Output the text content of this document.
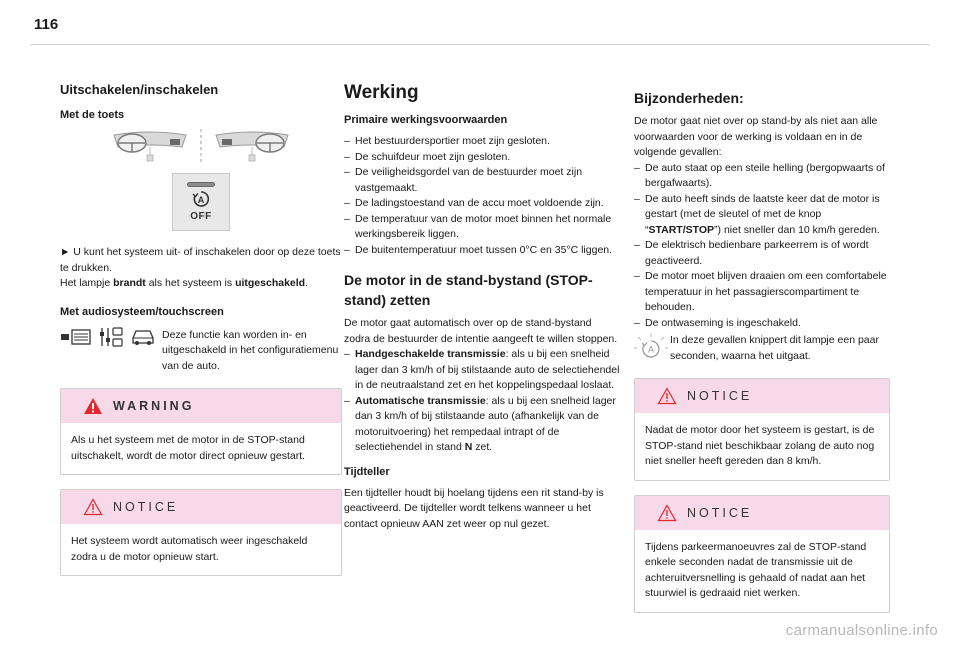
116
Uitschakelen/inschakelen
Met de toets
A
OFF

► U kunt het systeem uit- of inschakelen door op deze toets te drukken.

Het lampje brandt als het systeem is uitgeschakeld.

Met audiosysteem/touchscreen

Deze functie kan worden in- en uitgeschakeld in het configuratiemenu van de auto.

WARNING

Als u het systeem met de motor in de STOP-stand uitschakelt, wordt de motor direct opnieuw gestart.

NOTICE

Het systeem wordt automatisch weer ingeschakeld zodra u de motor opnieuw start.

Werking
Primaire werkingsvoorwaarden
– Het bestuurdersportier moet zijn gesloten.
– De schuifdeur moet zijn gesloten.
– De veiligheidsgordel van de bestuurder moet zijn vastgemaakt.
– De ladingstoestand van de accu moet voldoende zijn.
– De temperatuur van de motor moet binnen het normale werkingsbereik liggen.
– De buitentemperatuur moet tussen 0°C en 35°C liggen.
De motor in de stand-bystand (STOP-stand) zetten

De motor gaat automatisch over op de stand-bystand zodra de bestuurder de intentie aangeeft te willen stoppen.

– Handgeschakelde transmissie: als u bij een snelheid lager dan 3 km/h of bij stilstaande auto de selectiehendel in de neutraalstand zet en het koppelingspedaal loslaat.
– Automatische transmissie: als u bij een snelheid lager dan 3 km/h of bij stilstaande auto (afhankelijk van de motoruitvoering) het rempedaal intrapt of de selectiehendel in stand N zet.
Tijdteller

Een tijdteller houdt bij hoelang tijdens een rit stand-by is geactiveerd. De tijdteller wordt telkens wanneer u het contact opnieuw AAN zet weer op nul gezet.

Bijzonderheden:

De motor gaat niet over op stand-by als niet aan alle voorwaarden voor de werking is voldaan en in de volgende gevallen:

– De auto staat op een steile helling (bergopwaarts of bergafwaarts).
– De auto heeft sinds de laatste keer dat de motor is gestart (met de sleutel of met de knop “START/STOP”) niet sneller dan 10 km/h gereden.
– De elektrisch bedienbare parkeerrem is of wordt geactiveerd.
– De motor moet blijven draaien om een comfortabele temperatuur in het passagierscompartiment te behouden.
– De ontwaseming is ingeschakeld.
A

In deze gevallen knippert dit lampje een paar seconden, waarna het uitgaat.

NOTICE

Nadat de motor door het systeem is gestart, is de STOP-stand niet beschikbaar zolang de auto nog niet sneller heeft gereden dan 8 km/h.

NOTICE

Tijdens parkeermanoeuvres zal de STOP-stand enkele seconden nadat de transmissie uit de achteruitversnelling is gehaald of nadat aan het stuurwiel is gedraaid niet werken.

carmanualsonline.info
